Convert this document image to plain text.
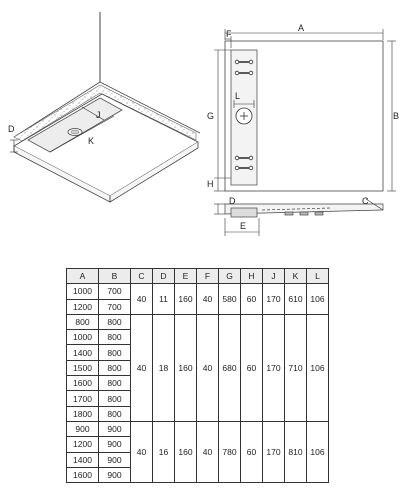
D
J
K
A
F
B
G
H
L
D	C
E
A	B	C	D	E	F	G	H	J	K	L
1000	700	40	11	160	40	580	60	170	610	106
1200	700									
800	800	40	18	160	40	680	60	170	710	106
1000	800									
1400	800									
1500	800									
1600	800									
1700	800									
1800	800									
900	900	40	16	160	40	780	60	170	810	106
1200	900									
1400	900									
1600	900									
